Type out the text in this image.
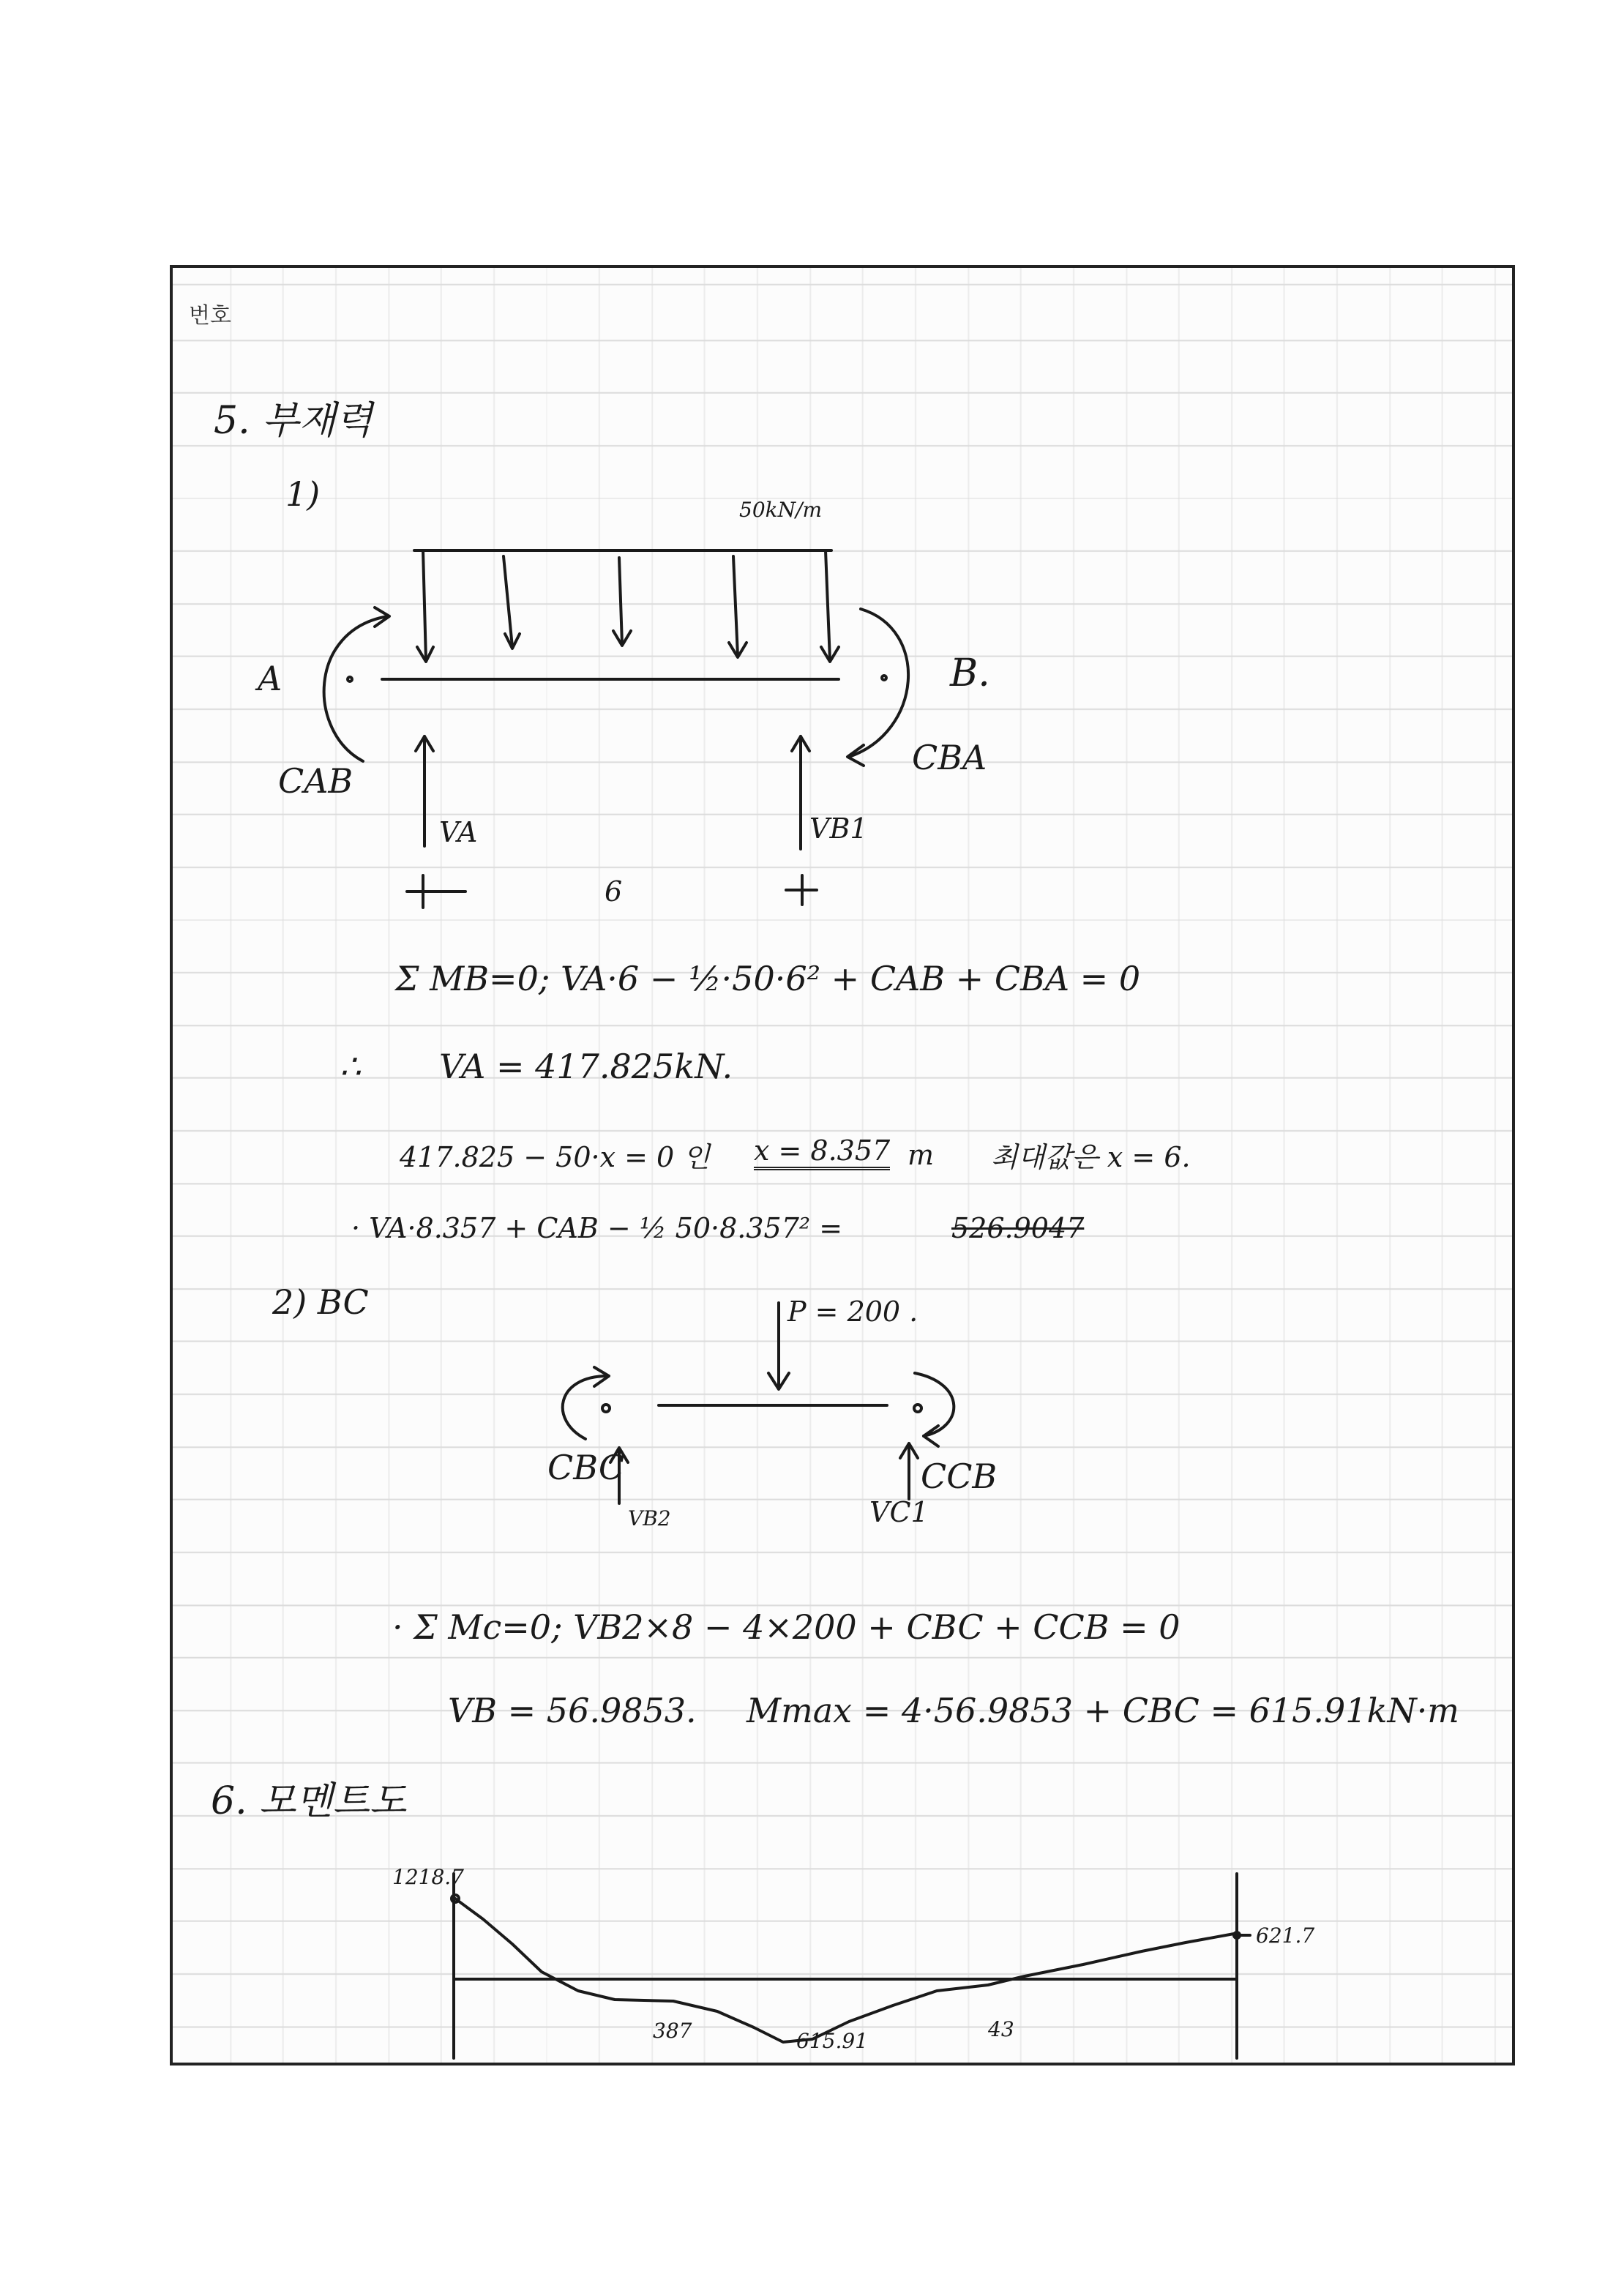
번호
5. 부재력
1)	50kN/m
A	B.
CAB
CBA
VA	VB1
6
Σ MB=0; VA·6 − ½·50·6² + CAB + CBA = 0
∴ VA = 417.825kN.
417.825 − 50·x = 0 인 x = 8.357 m 최대값은 x = 6.
· VA·8.357 + CAB − ½ 50·8.357² =	526.9047
2) BC	P = 200 .
CBC	CCB
VB2	VC1
· Σ Mc=0; VB2×8 − 4×200 + CBC + CCB = 0
VB = 56.9853. Mmax = 4·56.9853 + CBC = 615.91kN·m
6. 모멘트도
1218.7
387	615.91	43
621.7
